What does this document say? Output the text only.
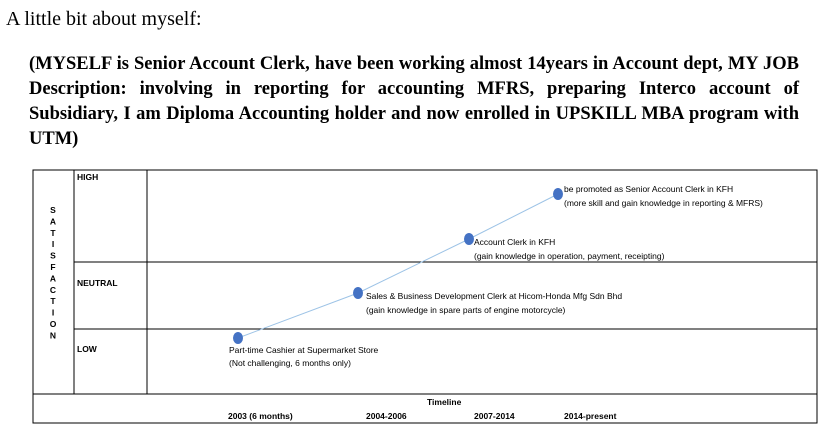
A little bit about myself:
(MYSELF is Senior Account Clerk, have been working almost 14years in Account dept, MY JOB Description: involving in reporting for accounting MFRS, preparing Interco account of Subsidiary, I am Diploma Accounting holder and now enrolled in UPSKILL MBA program with UTM)
HIGH
NEUTRAL
LOW
S
A
T
I
S
F
A
C
T
I
O
N
Timeline
2003 (6 months)	2004-2006	2007-2014	2014-present
Part-time Cashier at Supermarket Store
(Not challenging, 6 months only)
Sales & Business Development Clerk at Hicom-Honda Mfg Sdn Bhd
(gain knowledge in spare parts of engine motorcycle)
Account Clerk in KFH
(gain knowledge in operation, payment, receipting)
be promoted as Senior Account Clerk in KFH
(more skill and gain knowledge in reporting & MFRS)
